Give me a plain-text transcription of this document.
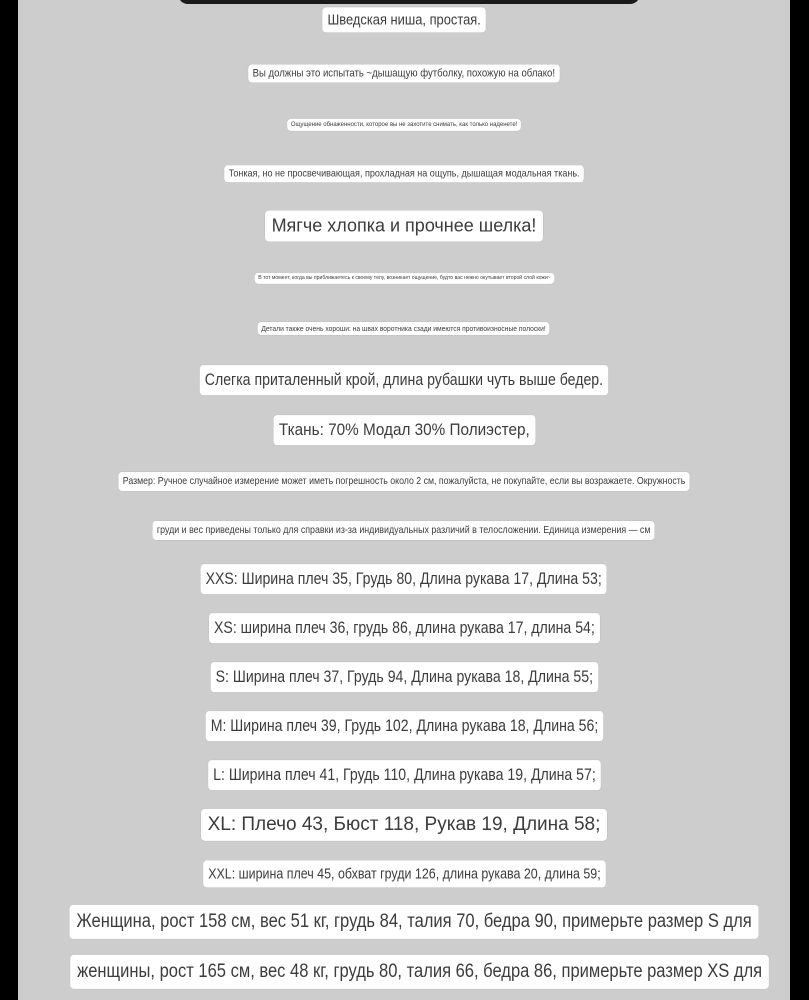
Шведская ниша, простая.
Вы должны это испытать ~дышащую футболку, похожую на облако!
Ощущение обнаженности, которое вы не захотите снимать, как только наденете!
Тонкая, но не просвечивающая, прохладная на ощупь, дышащая модальная ткань.
Мягче хлопка и прочнее шелка!
В тот момент, когда вы приближаетесь к своему телу, возникает ощущение, будто вас нежно окутывает второй слой кожи~
Детали также очень хороши: на швах воротника сзади имеются противоизносные полоски!
Слегка приталенный крой, длина рубашки чуть выше бедер.
Ткань: 70% Модал 30% Полиэстер,
Размер: Ручное случайное измерение может иметь погрешность около 2 см, пожалуйста, не покупайте, если вы возражаете. Окружность
груди и вес приведены только для справки из-за индивидуальных различий в телосложении. Единица измерения — см
XXS: Ширина плеч 35, Грудь 80, Длина рукава 17, Длина 53;
XS: ширина плеч 36, грудь 86, длина рукава 17, длина 54;
S: Ширина плеч 37, Грудь 94, Длина рукава 18, Длина 55;
M: Ширина плеч 39, Грудь 102, Длина рукава 18, Длина 56;
L: Ширина плеч 41, Грудь 110, Длина рукава 19, Длина 57;
XL: Плечо 43, Бюст 118, Рукав 19, Длина 58;
XXL: ширина плеч 45, обхват груди 126, длина рукава 20, длина 59;
Женщина, рост 158 см, вес 51 кг, грудь 84, талия 70, бедра 90, примерьте размер S для
женщины, рост 165 см, вес 48 кг, грудь 80, талия 66, бедра 86, примерьте размер XS для
